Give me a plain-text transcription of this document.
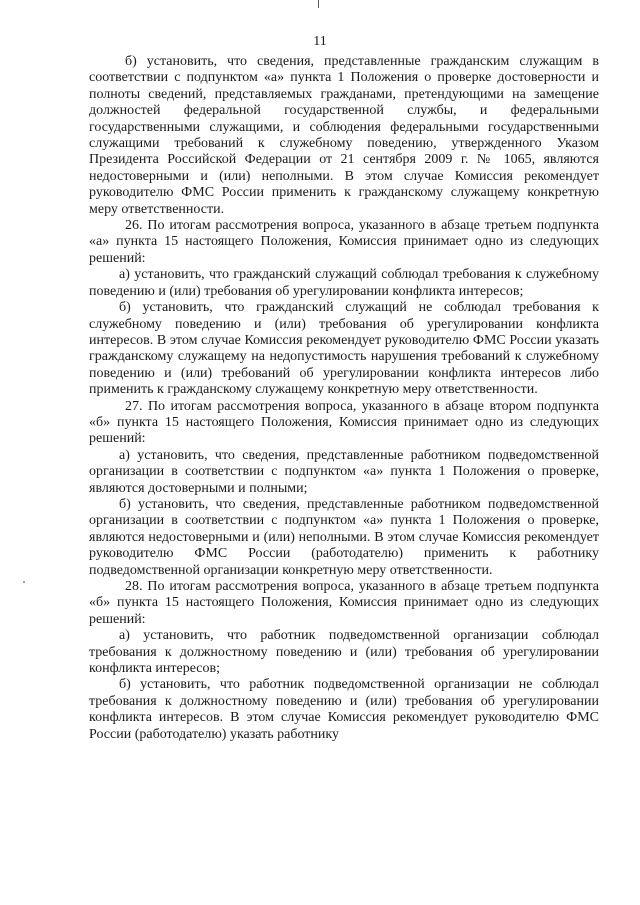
11

б) установить, что сведения, представленные гражданским служащим в соответствии с подпунктом «а» пункта 1 Положения о проверке достоверности и полноты сведений, представляемых гражданами, претендующими на замещение должностей федеральной государственной службы, и федеральными государственными служащими, и соблюдения федеральными государственными служащими требований к служебному поведению, утвержденного Указом Президента Российской Федерации от 21 сентября 2009 г. № 1065, являются недостоверными и (или) неполными. В этом случае Комиссия рекомендует руководителю ФМС России применить к гражданскому служащему конкретную меру ответственности.

26. По итогам рассмотрения вопроса, указанного в абзаце третьем подпункта «а» пункта 15 настоящего Положения, Комиссия принимает одно из следующих решений:

а) установить, что гражданский служащий соблюдал требования к служебному поведению и (или) требования об урегулировании конфликта интересов;

б) установить, что гражданский служащий не соблюдал требования к служебному поведению и (или) требования об урегулировании конфликта интересов. В этом случае Комиссия рекомендует руководителю ФМС России указать гражданскому служащему на недопустимость нарушения требований к служебному поведению и (или) требований об урегулировании конфликта интересов либо применить к гражданскому служащему конкретную меру ответственности.

27. По итогам рассмотрения вопроса, указанного в абзаце втором подпункта «б» пункта 15 настоящего Положения, Комиссия принимает одно из следующих решений:

а) установить, что сведения, представленные работником подведомственной организации в соответствии с подпунктом «а» пункта 1 Положения о проверке, являются достоверными и полными;

б) установить, что сведения, представленные работником подведомственной организации в соответствии с подпунктом «а» пункта 1 Положения о проверке, являются недостоверными и (или) неполными. В этом случае Комиссия рекомендует руководителю ФМС России (работодателю) применить к работнику подведомственной организации конкретную меру ответственности.

28. По итогам рассмотрения вопроса, указанного в абзаце третьем подпункта «б» пункта 15 настоящего Положения, Комиссия принимает одно из следующих решений:

а) установить, что работник подведомственной организации соблюдал требования к должностному поведению и (или) требования об урегулировании конфликта интересов;

б) установить, что работник подведомственной организации не соблюдал требования к должностному поведению и (или) требования об урегулировании конфликта интересов. В этом случае Комиссия рекомендует руководителю ФМС России (работодателю) указать работнику
